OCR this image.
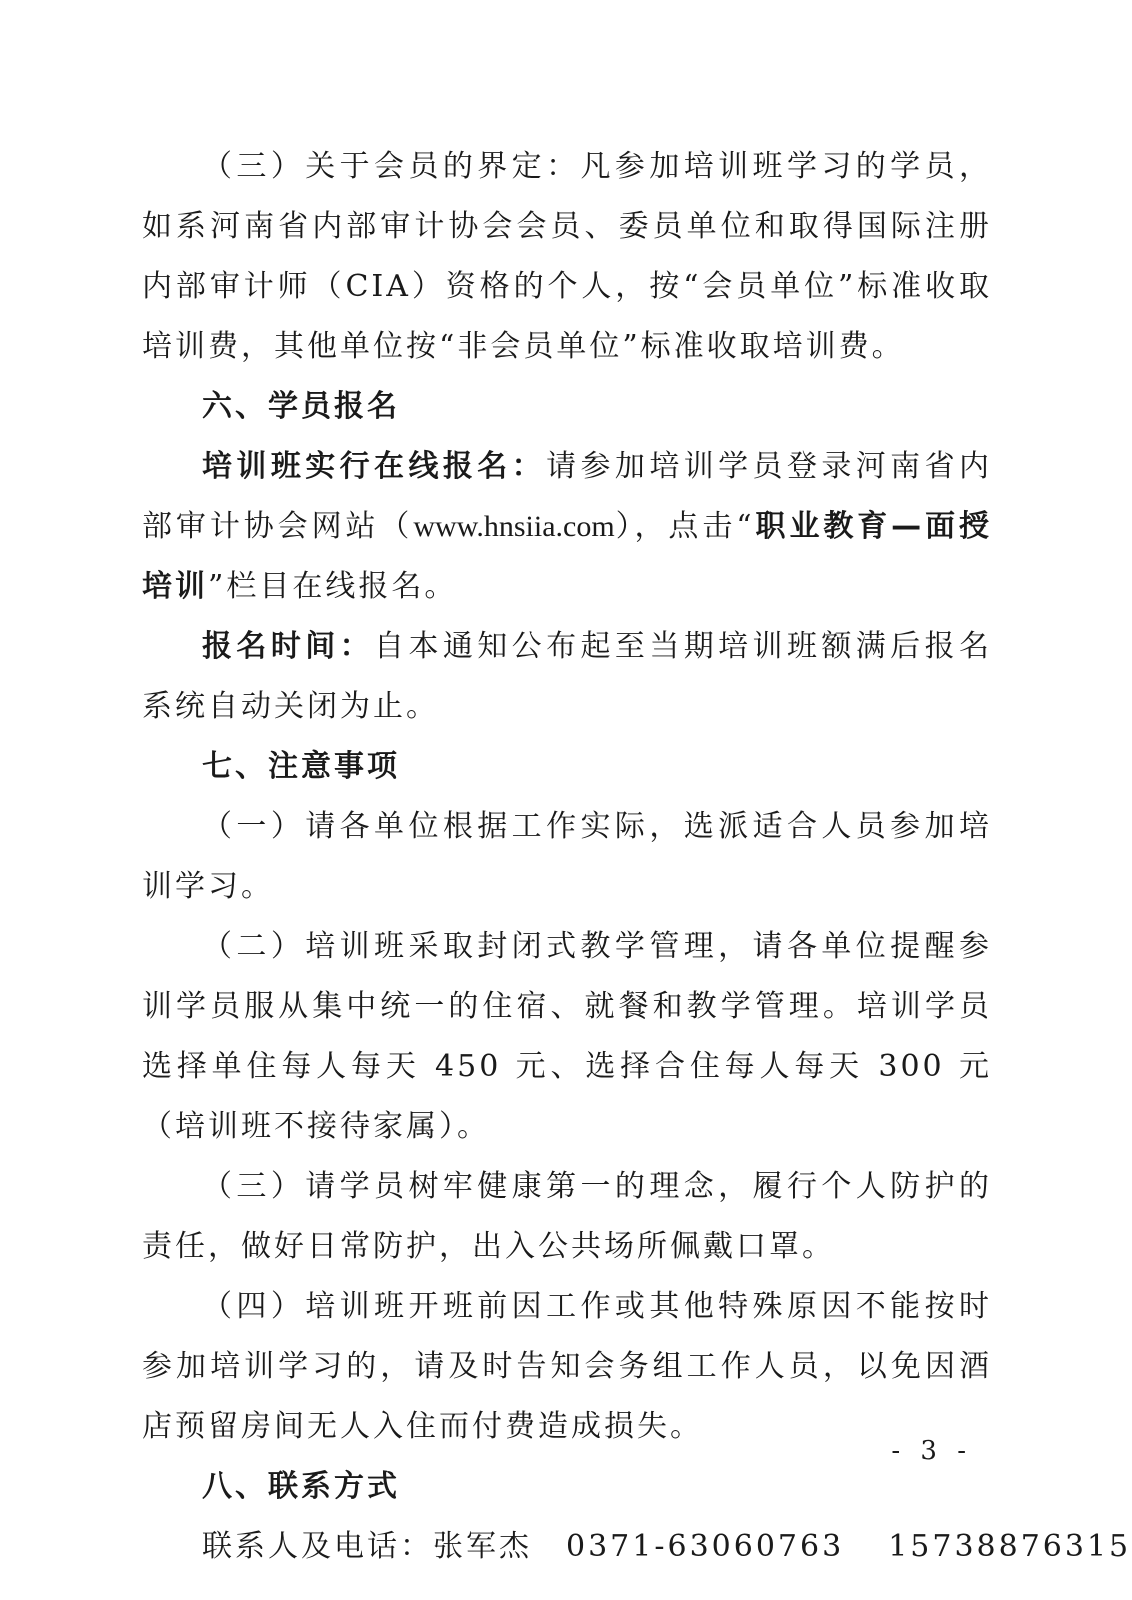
（三）关于会员的界定：凡参加培训班学习的学员，如系河南省内部审计协会会员、委员单位和取得国际注册内部审计师（CIA）资格的个人，按“会员单位”标准收取培训费，其他单位按“非会员单位”标准收取培训费。

六、学员报名

培训班实行在线报名：请参加培训学员登录河南省内部审计协会网站（www.hnsiia.com），点击“职业教育—面授培训”栏目在线报名。

报名时间：自本通知公布起至当期培训班额满后报名系统自动关闭为止。

七、注意事项

（一）请各单位根据工作实际，选派适合人员参加培训学习。

（二）培训班采取封闭式教学管理，请各单位提醒参训学员服从集中统一的住宿、就餐和教学管理。培训学员选择单住每人每天 450 元、选择合住每人每天 300 元（培训班不接待家属）。

（三）请学员树牢健康第一的理念，履行个人防护的责任，做好日常防护，出入公共场所佩戴口罩。

（四）培训班开班前因工作或其他特殊原因不能按时参加培训学习的，请及时告知会务组工作人员，以免因酒店预留房间无人入住而付费造成损失。

八、联系方式

联系人及电话：张军杰 0371-63060763 15738876315

- 3 -
